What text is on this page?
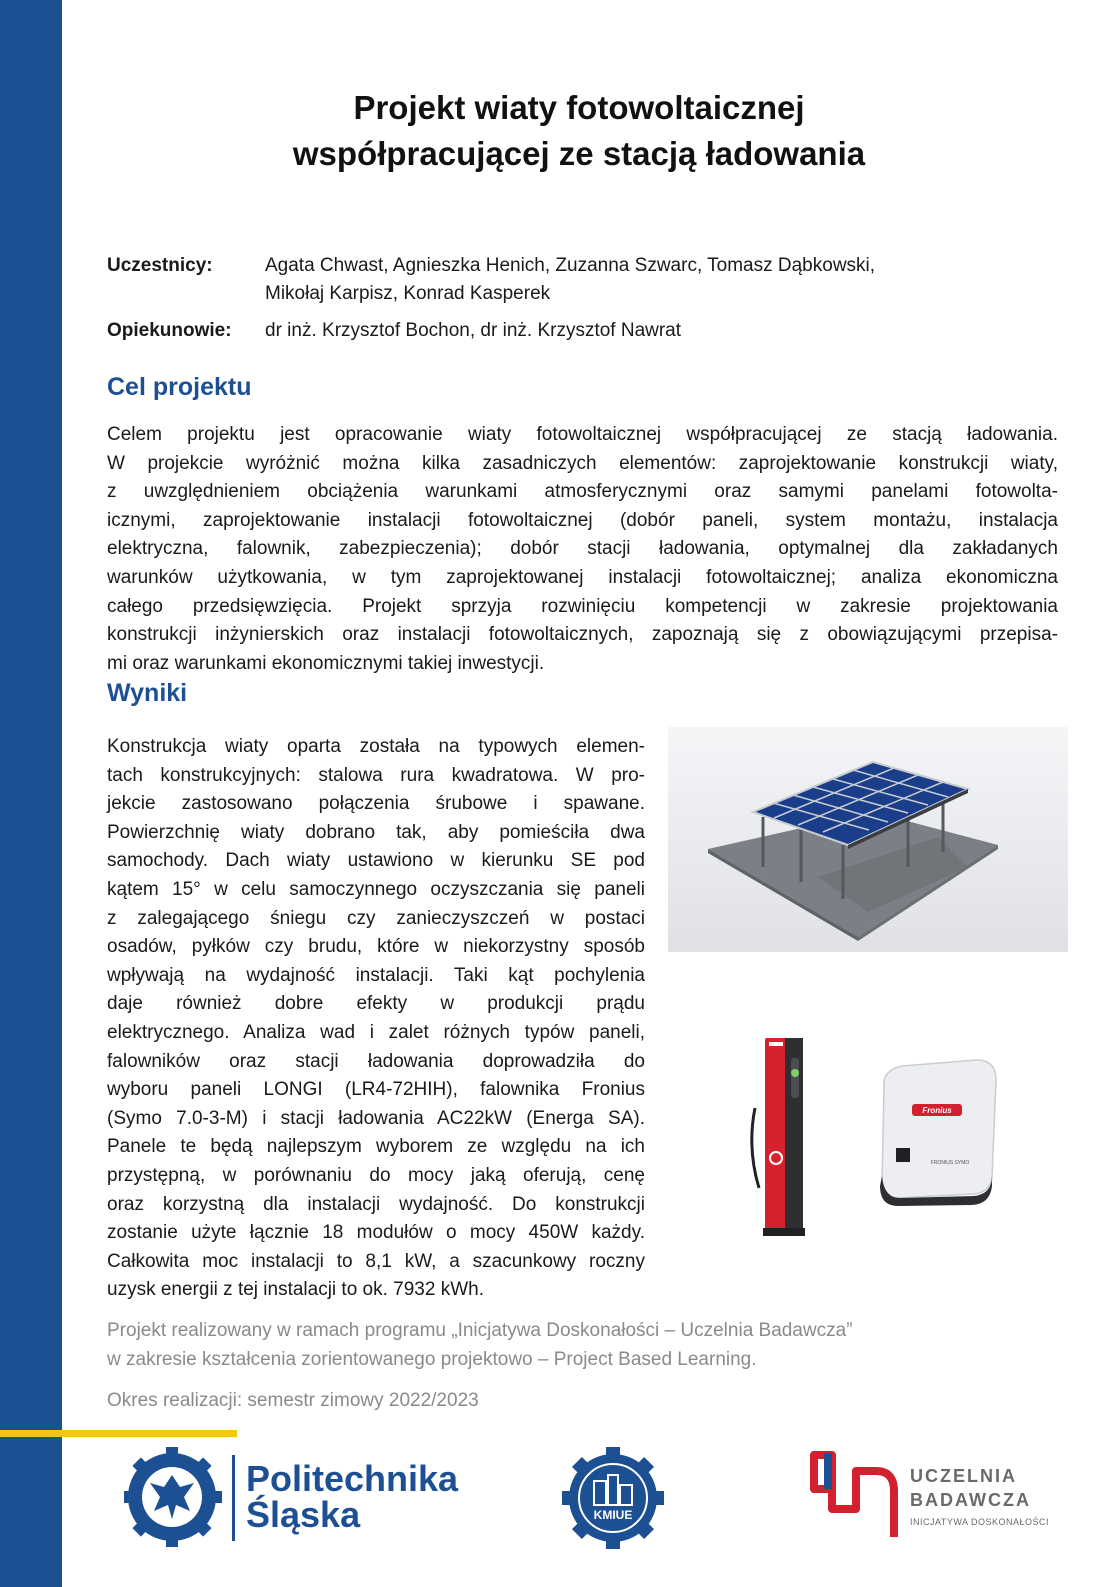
Projekt wiaty fotowoltaicznej
współpracującej ze stacją ładowania
Uczestnicy:	Agata Chwast, Agnieszka Henich, Zuzanna Szwarc, Tomasz Dąbkowski,
Mikołaj Karpisz, Konrad Kasperek
Opiekunowie: dr inż. Krzysztof Bochon, dr inż. Krzysztof Nawrat
Cel projektu
Celem projektu jest opracowanie wiaty fotowoltaicznej współpracującej ze stacją ładowania.
W projekcie wyróżnić można kilka zasadniczych elementów: zaprojektowanie konstrukcji wiaty,
z uwzględnieniem obciążenia warunkami atmosferycznymi oraz samymi panelami fotowolta-
icznymi, zaprojektowanie instalacji fotowoltaicznej (dobór paneli, system montażu, instalacja
elektryczna, falownik, zabezpieczenia); dobór stacji ładowania, optymalnej dla zakładanych
warunków użytkowania, w tym zaprojektowanej instalacji fotowoltaicznej; analiza ekonomiczna
całego przedsięwzięcia. Projekt sprzyja rozwinięciu kompetencji w zakresie projektowania
konstrukcji inżynierskich oraz instalacji fotowoltaicznych, zapoznają się z obowiązującymi przepisa-
mi oraz warunkami ekonomicznymi takiej inwestycji.
Wyniki
Konstrukcja wiaty oparta została na typowych elemen-
tach konstrukcyjnych: stalowa rura kwadratowa. W pro-
jekcie zastosowano połączenia śrubowe i spawane.
Powierzchnię wiaty dobrano tak, aby pomieściła dwa
samochody. Dach wiaty ustawiono w kierunku SE pod
kątem 15° w celu samoczynnego oczyszczania się paneli
z zalegającego śniegu czy zanieczyszczeń w postaci
osadów, pyłków czy brudu, które w niekorzystny sposób
wpływają na wydajność instalacji. Taki kąt pochylenia
daje również dobre efekty w produkcji prądu
elektrycznego. Analiza wad i zalet różnych typów paneli,
falowników oraz stacji ładowania doprowadziła do
wyboru paneli LONGI (LR4-72HIH), falownika Fronius
(Symo 7.0-3-M) i stacji ładowania AC22kW (Energa SA).
Panele te będą najlepszym wyborem ze względu na ich
przystępną, w porównaniu do mocy jaką oferują, cenę
oraz korzystną dla instalacji wydajność. Do konstrukcji
zostanie użyte łącznie 18 modułów o mocy 450W każdy.
Całkowita moc instalacji to 8,1 kW, a szacunkowy roczny
uzysk energii z tej instalacji to ok. 7932 kWh.
Fronius
FRONIUS SYMO
Projekt realizowany w ramach programu „Inicjatywa Doskonałości – Uczelnia Badawcza”
w zakresie kształcenia zorientowanego projektowo – Project Based Learning.
Okres realizacji: semestr zimowy 2022/2023
Politechnika
Śląska	KMIUE
UCZELNIA
BADAWCZA
INICJATYWA DOSKONAŁOŚCI
